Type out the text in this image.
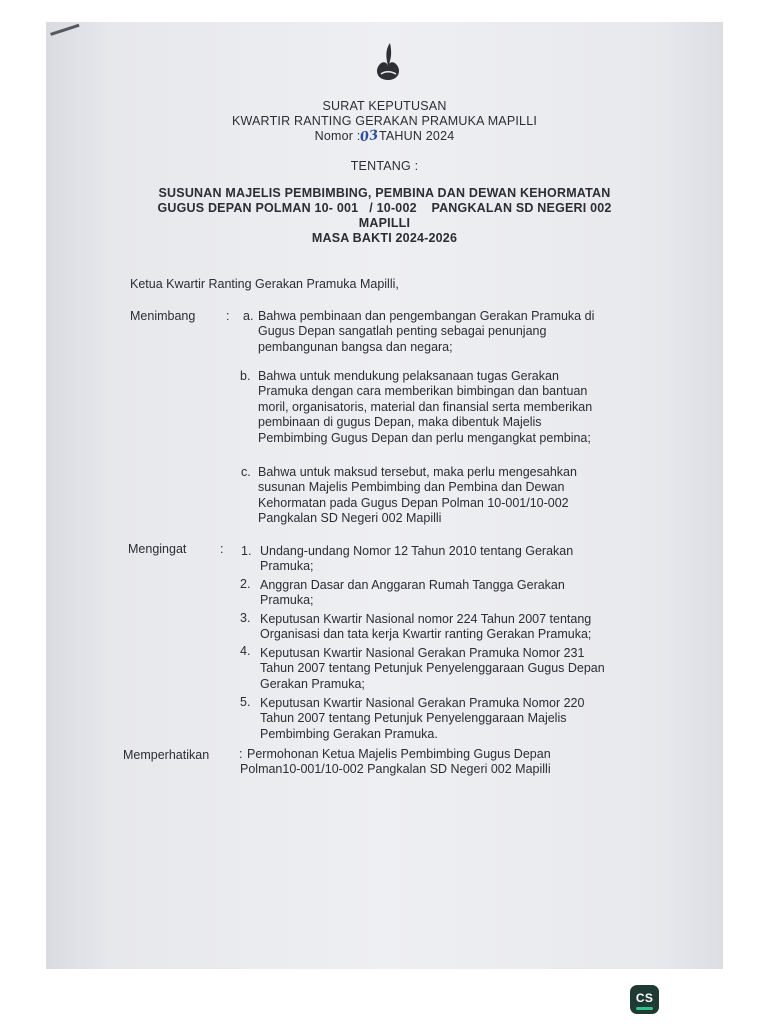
SURAT KEPUTUSAN
KWARTIR RANTING GERAKAN PRAMUKA MAPILLI
Nomor :03TAHUN 2024
TENTANG :
SUSUNAN MAJELIS PEMBIMBING, PEMBINA DAN DEWAN KEHORMATAN
GUGUS DEPAN POLMAN 10- 001   / 10-002    PANGKALAN SD NEGERI 002
MAPILLI
MASA BAKTI 2024-2026
Ketua Kwartir Ranting Gerakan Pramuka Mapilli,
Menimbang : a. Bahwa pembinaan dan pengembangan Gerakan Pramuka di
Gugus Depan sangatlah penting sebagai penunjang
pembangunan bangsa dan negara;
b. Bahwa untuk mendukung pelaksanaan tugas Gerakan
Pramuka dengan cara memberikan bimbingan dan bantuan
moril, organisatoris, material dan finansial serta memberikan
pembinaan di gugus Depan, maka dibentuk Majelis
Pembimbing Gugus Depan dan perlu mengangkat pembina;
c. Bahwa untuk maksud tersebut, maka perlu mengesahkan
susunan Majelis Pembimbing dan Pembina dan Dewan
Kehormatan pada Gugus Depan Polman 10-001/10-002
Pangkalan SD Negeri 002 Mapilli
Mengingat	: 1. Undang-undang Nomor 12 Tahun 2010 tentang Gerakan
Pramuka;
2. Anggran Dasar dan Anggaran Rumah Tangga Gerakan
Pramuka;
3. Keputusan Kwartir Nasional nomor 224 Tahun 2007 tentang
Organisasi dan tata kerja Kwartir ranting Gerakan Pramuka;
4. Keputusan Kwartir Nasional Gerakan Pramuka Nomor 231
Tahun 2007 tentang Petunjuk Penyelenggaraan Gugus Depan
Gerakan Pramuka;
5. Keputusan Kwartir Nasional Gerakan Pramuka Nomor 220
Tahun 2007 tentang Petunjuk Penyelenggaraan Majelis
Pembimbing Gerakan Pramuka.
Memperhatikan : Permohonan Ketua Majelis Pembimbing Gugus Depan
Polman10-001/10-002 Pangkalan SD Negeri 002 Mapilli
CS
